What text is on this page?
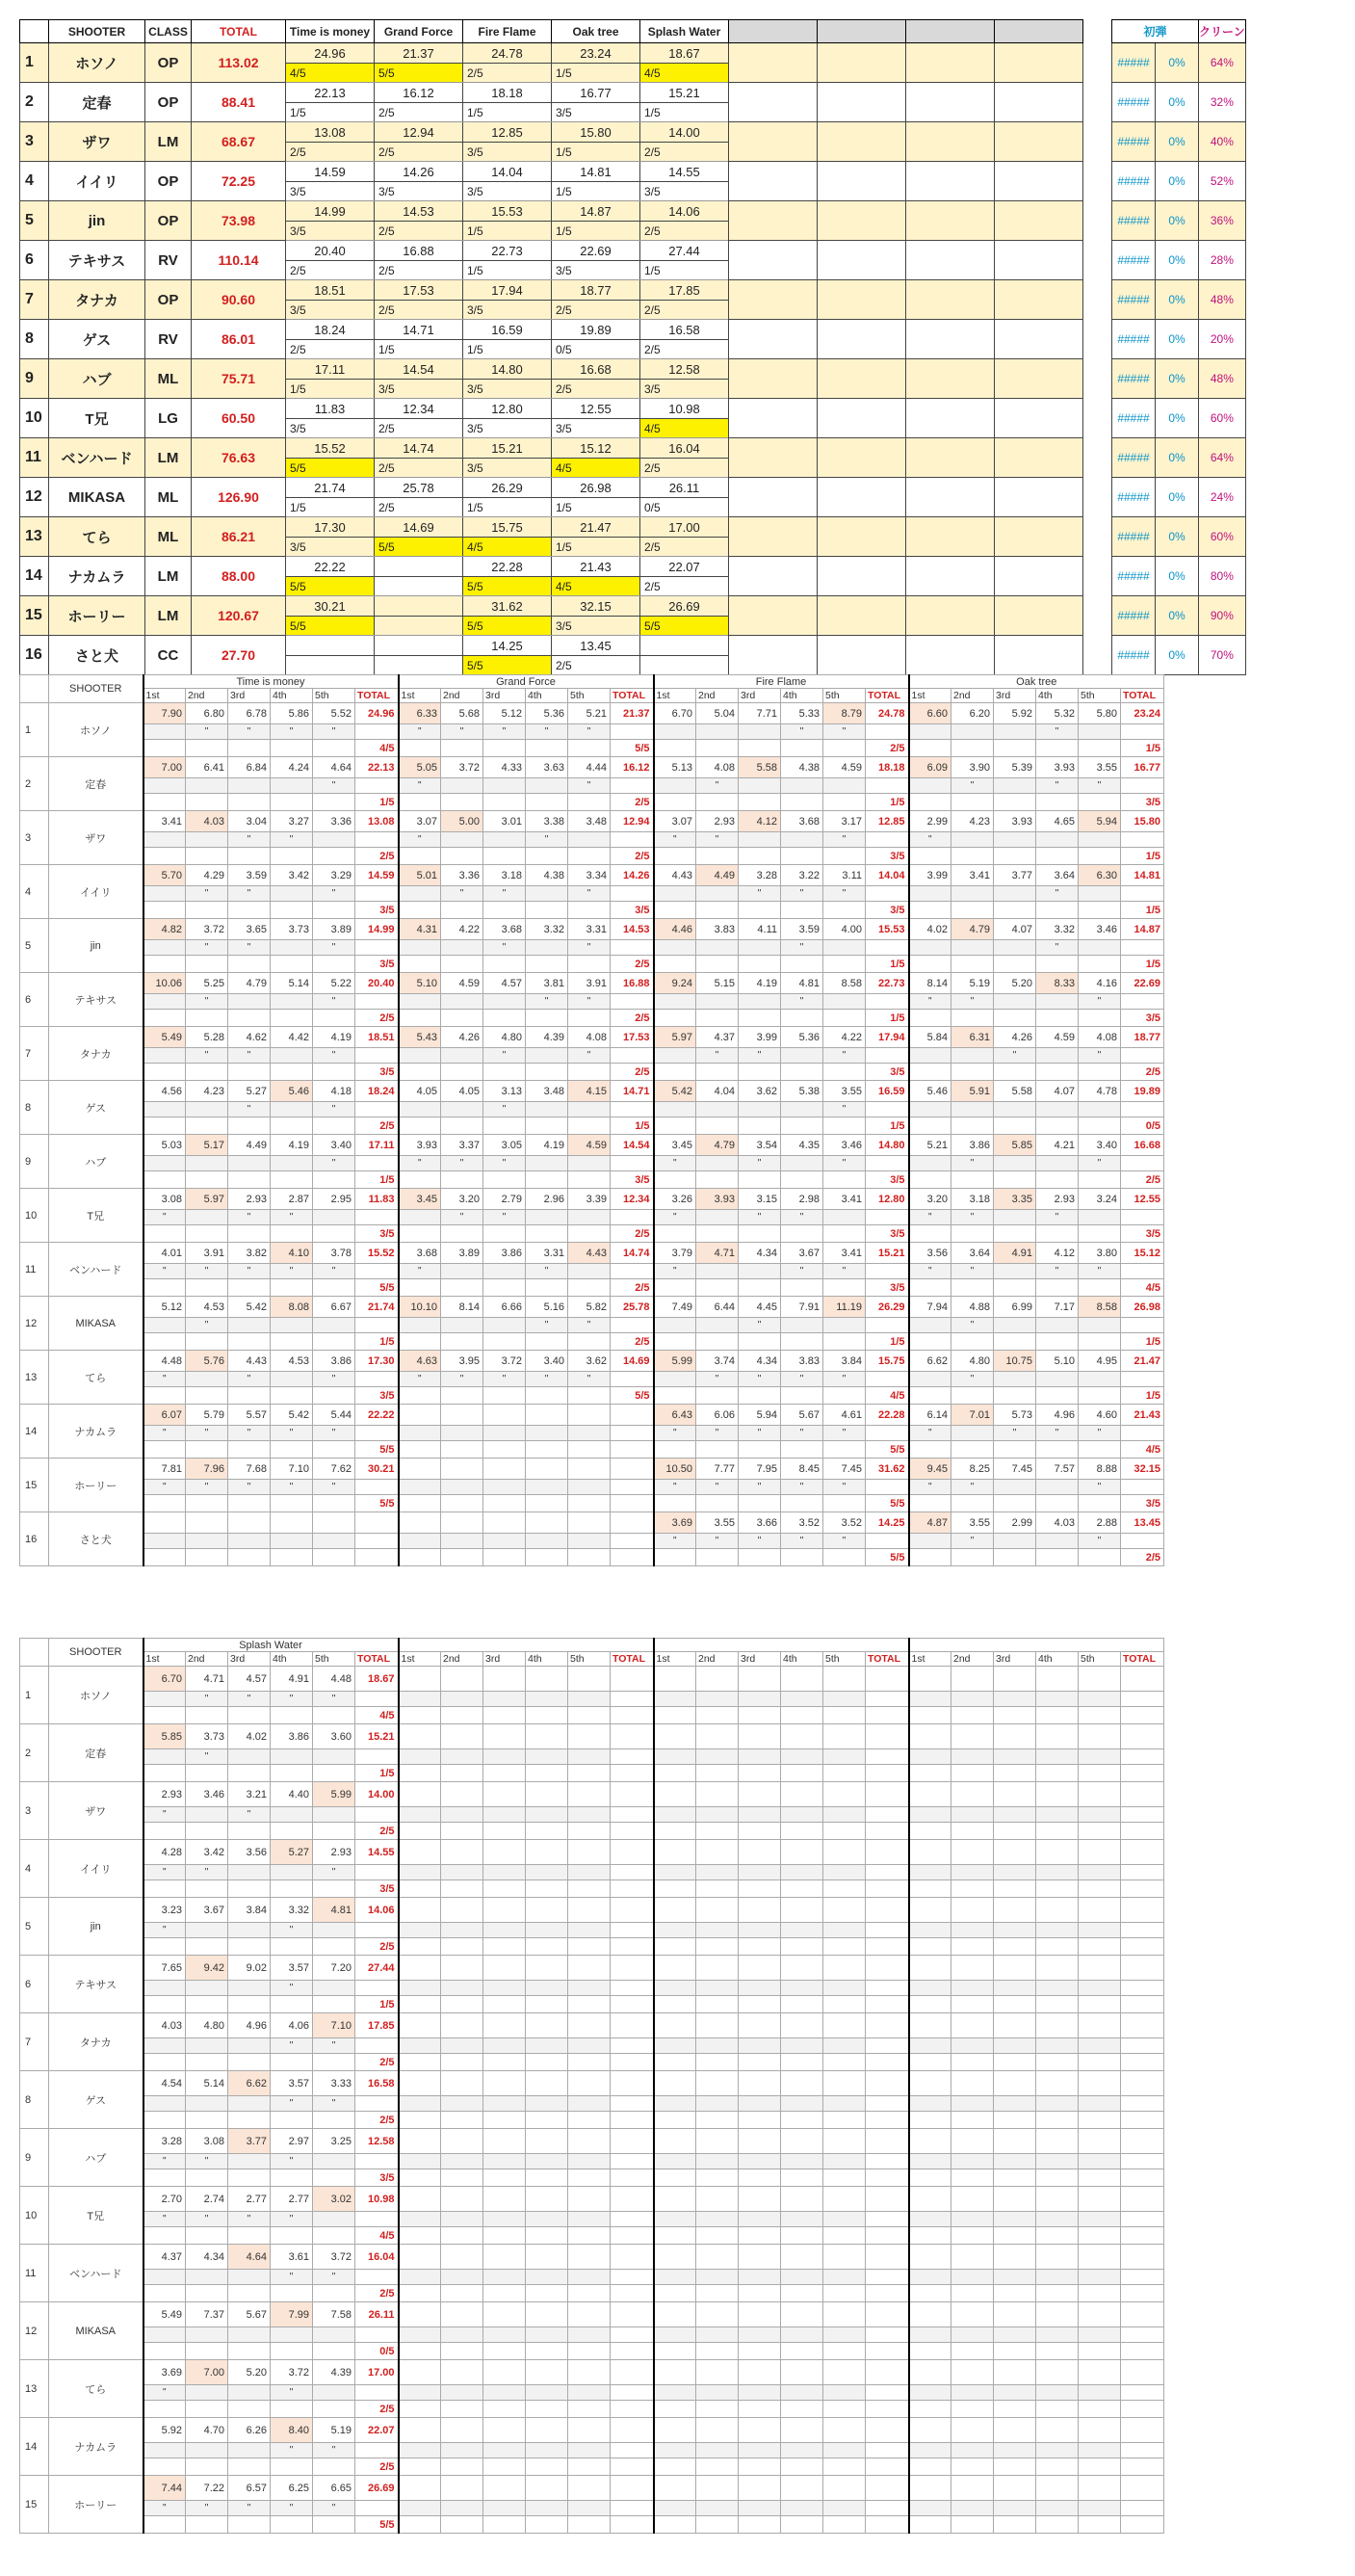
	SHOOTER	CLASS	TOTAL	Time is money	Grand Force	Fire Flame	Oak tree	Splash Water						初弾		クリーン
1	ホソノ	OP	113.02	24.96	21.37	24.78	23.24	18.67						#####	0%	64%
				4/5	5/5	2/5	1/5	4/5								
2	定春	OP	88.41	22.13	16.12	18.18	16.77	15.21						#####	0%	32%
				1/5	2/5	1/5	3/5	1/5								
3	ザワ	LM	68.67	13.08	12.94	12.85	15.80	14.00						#####	0%	40%
				2/5	2/5	3/5	1/5	2/5								
4	イイリ	OP	72.25	14.59	14.26	14.04	14.81	14.55						#####	0%	52%
				3/5	3/5	3/5	1/5	3/5								
5	jin	OP	73.98	14.99	14.53	15.53	14.87	14.06						#####	0%	36%
				3/5	2/5	1/5	1/5	2/5								
6	テキサス	RV	110.14	20.40	16.88	22.73	22.69	27.44						#####	0%	28%
				2/5	2/5	1/5	3/5	1/5								
7	タナカ	OP	90.60	18.51	17.53	17.94	18.77	17.85						#####	0%	48%
				3/5	2/5	3/5	2/5	2/5								
8	ゲス	RV	86.01	18.24	14.71	16.59	19.89	16.58						#####	0%	20%
				2/5	1/5	1/5	0/5	2/5								
9	ハブ	ML	75.71	17.11	14.54	14.80	16.68	12.58						#####	0%	48%
				1/5	3/5	3/5	2/5	3/5								
10	T兄	LG	60.50	11.83	12.34	12.80	12.55	10.98						#####	0%	60%
				3/5	2/5	3/5	3/5	4/5								
11	ベンハード	LM	76.63	15.52	14.74	15.21	15.12	16.04						#####	0%	64%
				5/5	2/5	3/5	4/5	2/5								
12	MIKASA	ML	126.90	21.74	25.78	26.29	26.98	26.11						#####	0%	24%
				1/5	2/5	1/5	1/5	0/5								
13	てら	ML	86.21	17.30	14.69	15.75	21.47	17.00						#####	0%	60%
				3/5	5/5	4/5	1/5	2/5								
14	ナカムラ	LM	88.00	22.22		22.28	21.43	22.07						#####	0%	80%
				5/5		5/5	4/5	2/5								
15	ホーリー	LM	120.67	30.21		31.62	32.15	26.69						#####	0%	90%
				5/5		5/5	3/5	5/5								
16	さと犬	CC	27.70			14.25	13.45							#####	0%	70%
						5/5	2/5									
	SHOOTER	Time is money						Grand Force						Fire Flame						Oak tree					
		1st	2nd	3rd	4th	5th	TOTAL	1st	2nd	3rd	4th	5th	TOTAL	1st	2nd	3rd	4th	5th	TOTAL	1st	2nd	3rd	4th	5th	TOTAL
1	ホソノ	7.90	6.80	6.78	5.86	5.52	24.96	6.33	5.68	5.12	5.36	5.21	21.37	6.70	5.04	7.71	5.33	8.79	24.78	6.60	6.20	5.92	5.32	5.80	23.24
			"	"	"	"		"	"	"	"	"					"	"					"		
							4/5						5/5						2/5						1/5
2	定春	7.00	6.41	6.84	4.24	4.64	22.13	5.05	3.72	4.33	3.63	4.44	16.12	5.13	4.08	5.58	4.38	4.59	18.18	6.09	3.90	5.39	3.93	3.55	16.77
						"		"				"			"						"		"	"	
							1/5						2/5						1/5						3/5
3	ザワ	3.41	4.03	3.04	3.27	3.36	13.08	3.07	5.00	3.01	3.38	3.48	12.94	3.07	2.93	4.12	3.68	3.17	12.85	2.99	4.23	3.93	4.65	5.94	15.80
				"	"			"			"			"	"			"		"					
							2/5						2/5						3/5						1/5
4	イイリ	5.70	4.29	3.59	3.42	3.29	14.59	5.01	3.36	3.18	4.38	3.34	14.26	4.43	4.49	3.28	3.22	3.11	14.04	3.99	3.41	3.77	3.64	6.30	14.81
			"	"		"			"	"		"				"	"	"					"		
							3/5						3/5						3/5						1/5
5	jin	4.82	3.72	3.65	3.73	3.89	14.99	4.31	4.22	3.68	3.32	3.31	14.53	4.46	3.83	4.11	3.59	4.00	15.53	4.02	4.79	4.07	3.32	3.46	14.87
			"	"		"				"		"					"						"		
							3/5						2/5						1/5						1/5
6	テキサス	10.06	5.25	4.79	5.14	5.22	20.40	5.10	4.59	4.57	3.81	3.91	16.88	9.24	5.15	4.19	4.81	8.58	22.73	8.14	5.19	5.20	8.33	4.16	22.69
			"			"					"	"					"			"	"			"	
							2/5						2/5						1/5						3/5
7	タナカ	5.49	5.28	4.62	4.42	4.19	18.51	5.43	4.26	4.80	4.39	4.08	17.53	5.97	4.37	3.99	5.36	4.22	17.94	5.84	6.31	4.26	4.59	4.08	18.77
			"	"		"				"		"			"	"		"				"		"	
							3/5						2/5						3/5						2/5
8	ゲス	4.56	4.23	5.27	5.46	4.18	18.24	4.05	4.05	3.13	3.48	4.15	14.71	5.42	4.04	3.62	5.38	3.55	16.59	5.46	5.91	5.58	4.07	4.78	19.89
				"		"				"								"							
							2/5						1/5						1/5						0/5
9	ハブ	5.03	5.17	4.49	4.19	3.40	17.11	3.93	3.37	3.05	4.19	4.59	14.54	3.45	4.79	3.54	4.35	3.46	14.80	5.21	3.86	5.85	4.21	3.40	16.68
						"		"	"	"				"		"		"			"			"	
							1/5						3/5						3/5						2/5
10	T兄	3.08	5.97	2.93	2.87	2.95	11.83	3.45	3.20	2.79	2.96	3.39	12.34	3.26	3.93	3.15	2.98	3.41	12.80	3.20	3.18	3.35	2.93	3.24	12.55
		"		"	"				"	"				"		"	"			"	"		"		
							3/5						2/5						3/5						3/5
11	ベンハード	4.01	3.91	3.82	4.10	3.78	15.52	3.68	3.89	3.86	3.31	4.43	14.74	3.79	4.71	4.34	3.67	3.41	15.21	3.56	3.64	4.91	4.12	3.80	15.12
		"	"	"	"	"		"			"			"			"	"		"	"		"	"	
							5/5						2/5						3/5						4/5
12	MIKASA	5.12	4.53	5.42	8.08	6.67	21.74	10.10	8.14	6.66	5.16	5.82	25.78	7.49	6.44	4.45	7.91	11.19	26.29	7.94	4.88	6.99	7.17	8.58	26.98
			"								"	"				"					"				
							1/5						2/5						1/5						1/5
13	てら	4.48	5.76	4.43	4.53	3.86	17.30	4.63	3.95	3.72	3.40	3.62	14.69	5.99	3.74	4.34	3.83	3.84	15.75	6.62	4.80	10.75	5.10	4.95	21.47
		"		"		"		"	"	"	"	"			"	"	"	"			"				
							3/5						5/5						4/5						1/5
14	ナカムラ	6.07	5.79	5.57	5.42	5.44	22.22							6.43	6.06	5.94	5.67	4.61	22.28	6.14	7.01	5.73	4.96	4.60	21.43
		"	"	"	"	"								"	"	"	"	"		"		"	"	"	
							5/5												5/5						4/5
15	ホーリー	7.81	7.96	7.68	7.10	7.62	30.21							10.50	7.77	7.95	8.45	7.45	31.62	9.45	8.25	7.45	7.57	8.88	32.15
		"	"	"	"	"								"	"	"	"	"		"	"			"	
							5/5												5/5						3/5
16	さと犬													3.69	3.55	3.66	3.52	3.52	14.25	4.87	3.55	2.99	4.03	2.88	13.45
														"	"	"	"	"			"			"	
																			5/5						2/5
	SHOOTER	Splash Water																							
		1st	2nd	3rd	4th	5th	TOTAL	1st	2nd	3rd	4th	5th	TOTAL	1st	2nd	3rd	4th	5th	TOTAL	1st	2nd	3rd	4th	5th	TOTAL
1	ホソノ	6.70	4.71	4.57	4.91	4.48	18.67																		
			"	"	"	"																			
							4/5																		
2	定春	5.85	3.73	4.02	3.86	3.60	15.21																		
			"																						
							1/5																		
3	ザワ	2.93	3.46	3.21	4.40	5.99	14.00																		
		"		"																					
							2/5																		
4	イイリ	4.28	3.42	3.56	5.27	2.93	14.55																		
		"	"			"																			
							3/5																		
5	jin	3.23	3.67	3.84	3.32	4.81	14.06																		
		"			"																				
							2/5																		
6	テキサス	7.65	9.42	9.02	3.57	7.20	27.44																		
					"																				
							1/5																		
7	タナカ	4.03	4.80	4.96	4.06	7.10	17.85																		
					"	"																			
							2/5																		
8	ゲス	4.54	5.14	6.62	3.57	3.33	16.58																		
					"	"																			
							2/5																		
9	ハブ	3.28	3.08	3.77	2.97	3.25	12.58																		
		"	"		"																				
							3/5																		
10	T兄	2.70	2.74	2.77	2.77	3.02	10.98																		
		"	"	"	"																				
							4/5																		
11	ベンハード	4.37	4.34	4.64	3.61	3.72	16.04																		
					"	"																			
							2/5																		
12	MIKASA	5.49	7.37	5.67	7.99	7.58	26.11																		

							0/5																		
13	てら	3.69	7.00	5.20	3.72	4.39	17.00																		
		"			"																				
							2/5																		
14	ナカムラ	5.92	4.70	6.26	8.40	5.19	22.07																		
					"	"																			
							2/5																		
15	ホーリー	7.44	7.22	6.57	6.25	6.65	26.69																		
		"	"	"	"	"																			
							5/5																		
